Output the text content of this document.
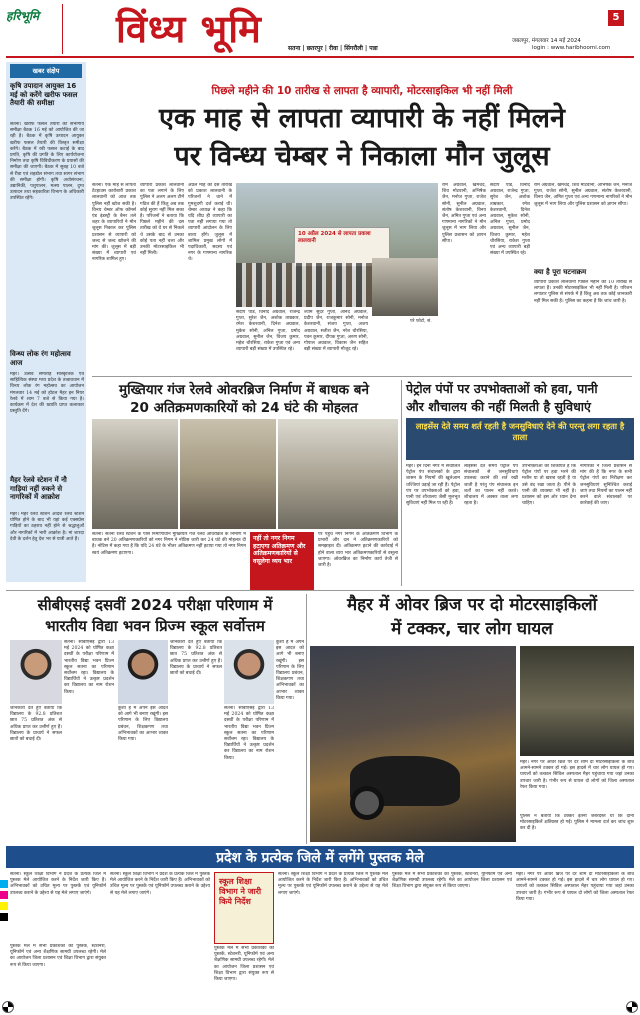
हरिभूमि विंध्य भूमि	5
जबलपुर, मंगलवार 14 मई 2024
login : www.haribhoomi.com
सतना | छतरपुर | रीवा | सिंगरौली | पन्ना
खबर संक्षेप
कृषि उपादान आयुक्त 16 मई को करेंगे खरीफ फसल तैयारी की समीक्षा
सतना। खरीफ फसल तैयारी की संभागीय समीक्षा बैठक 16 मई को आयोजित की जा रही है। बैठक में कृषि उत्पादन आयुक्त खरीफ फसल तैयारी की विस्तृत समीक्षा करेंगे। बैठक में रबी फसल कटाई के बाद प्रगति, कृषि की प्रगति के लिए कार्ययोजना निर्माण तथा कृषि विविधीकरण के प्रयासों की समीक्षा की जाएगी। बैठक में सुबह 10 बजे से रीवा एवं शहडोल संभाग तथा सागर संभाग की समीक्षा होगी। कृषि अधोसंरचना, उद्यानिकी, पशुपालन, मत्स्य पालन, दुग्ध उत्पादन तथा सहकारिता विभाग के अधिकारी उपस्थित रहेंगे।
विन्ध्य लोक रंग महोत्सव आज
मैहर। उत्सव समारोह सांस्कृतिक एवं साहित्यिक संस्था मध्य प्रदेश के तत्वावधान में विन्ध्य लोक रंग महोत्सव का आयोजन मंगलवार 14 मई को होटल मैहर इन नियर रेलवे में शाम 7 बजे से किया गया है। कार्यक्रम में देश की ख्याति प्राप्त कलाकार प्रस्तुति देंगे।
मैहर रेलवे स्टेशन में नौ गाड़ियां नहीं रुकने से नागरिकों में आक्रोश
मैहर। मैहर रेलवे स्टेशन आदर्श रेलवे स्टेशन घोषित होने के बाद भी यहां कई एक्सप्रेस गाड़ियों का ठहराव नहीं होने से श्रद्धालुओं और नागरिकों में भारी आक्रोश है। मां शारदा देवी के दर्शन हेतु देश भर से यात्री आते हैं।
पिछले महीने की 10 तारीख से लापता है व्यापारी, मोटरसाइकिल भी नहीं मिली
एक माह से लापता व्यापारी के नहीं मिलने
पर विन्ध्य चेम्बर ने निकाला मौन जुलूस
सतना। एक माह से लापता टेंटहाउस कारोबारी प्रकाश लालवानी को आज तक पुलिस नहीं खोज सकी है। विन्ध्य चेम्बर ऑफ कॉमर्स एंड इंडस्ट्री के बैनर तले शहर के व्यापारियों ने मौन जुलूस निकाल कर पुलिस प्रशासन से व्यापारी को जल्द से जल्द खोजने की मांग की। जुलूस में बड़ी संख्या में व्यापारी एवं नागरिक शामिल हुए।
व्यापारी प्रकाश लालवानी का पता लगाने के लिए पुलिस ने अलग अलग टीमें गठित की हैं किंतु अब तक कोई सुराग नहीं मिल सका है। परिजनों ने बताया कि पिछले महीने की दस तारीख को वे घर से निकले थे उसके बाद से उनका कोई पता नहीं चला और उनकी मोटरसाइकिल भी नहीं मिली।
अप्रैल माह की दस तारीख को प्रकाश लालवानी के परिजनों ने थाने में गुमशुदगी दर्ज कराई थी। चेम्बर अध्यक्ष ने कहा कि यदि शीघ्र ही व्यापारी का पता नहीं लगाया गया तो व्यापारी आंदोलन के लिए बाध्य होंगे। जुलूस में शामिल प्रमुख लोगों में पदाधिकारी, सदस्य एवं नगर के गणमान्य नागरिक थे।
10 अप्रैल 2024 से लापता प्रकाश लालवानी
संदीप पांडे, विनोद अग्रवाल, राजेन्द्र गुप्ता, सुरेश जैन, अशोक ताम्रकार, रमेश केशरवानी, दिनेश अग्रवाल, मुकेश सोनी, अनिल गुप्ता, प्रमोद अग्रवाल, सुनील जैन, विजय कुमार, महेश चौरसिया, राकेश गुप्ता एवं अन्य व्यापारी बड़ी संख्या में उपस्थित रहे।
श्याम सुंदर गुप्ता, आनंद अग्रवाल, प्रदीप जैन, राजकुमार सोनी, मनोज केशरवानी, संजय गुप्ता, अजय अग्रवाल, सतीश जैन, नरेश चौरसिया, पवन कुमार, दीपक गुप्ता, अरुण सोनी, गोपाल अग्रवाल, विकास जैन सहित बड़ी संख्या में व्यापारी मौजूद रहे।
परे फोटो, सं.
राम अग्रवाल, खेमचंद, शिव मोटवानी, अभिषेक जैन, मनोज गुप्ता, राजेश सोनी, सुनील अग्रवाल, संतोष केशरवानी, विनय जैन, अमित गुप्ता एवं अन्य गणमान्य नागरिकों ने मौन जुलूस में भाग लिया और पुलिस प्रशासन को ज्ञापन सौंपा।
संदीप पांडे, विनोद अग्रवाल, राजेन्द्र गुप्ता, सुरेश जैन, अशोक ताम्रकार, रमेश केशरवानी, दिनेश अग्रवाल, मुकेश सोनी, अनिल गुप्ता, प्रमोद अग्रवाल, सुनील जैन, विजय कुमार, महेश चौरसिया, राकेश गुप्ता एवं अन्य व्यापारी बड़ी संख्या में उपस्थित रहे।
राम अग्रवाल, खेमचंद, शिव मोटवानी, अभिषेक जैन, मनोज गुप्ता, राजेश सोनी, सुनील अग्रवाल, संतोष केशरवानी, विनय जैन, अमित गुप्ता एवं अन्य गणमान्य नागरिकों ने मौन जुलूस में भाग लिया और पुलिस प्रशासन को ज्ञापन सौंपा।
क्या है पूरा घटनाक्रम
व्यापारी प्रकाश लालवानी पिछले महीने की 10 तारीख से लापता हैं। उनकी मोटरसाइकिल भी नहीं मिली है। परिजन लगातार पुलिस से संपर्क में हैं किंतु अब तक कोई जानकारी नहीं मिल सकी है। पुलिस का कहना है कि जांच जारी है।
मुख्तियार गंज रेलवे ओवरब्रिज निर्माण में बाधक बने
20 अतिक्रमणकारियों को 24 घंटे की मोहलत
सतना। सतना रेलवे स्टेशन के पास निर्माणाधीन मुख्तियार गंज रेलवे ओवरब्रिज के निर्माण में बाधक बने 20 अतिक्रमणकारियों को नगर निगम ने नोटिस जारी कर 24 घंटे की मोहलत दी है। नोटिस में कहा गया है कि यदि 24 घंटे के भीतर अतिक्रमण नहीं हटाया गया तो नगर निगम स्वयं अतिक्रमण हटाएगा।
नहीं तो नगर निगम हटाएगा अतिक्रमण और अतिक्रमणकारियों से वसूलेगा व्यय भार
पर पहुंचे नगर निगम के अतिक्रमण विभाग के प्रभारी और दल ने अतिक्रमणकारियों को समझाइश दी। अतिक्रमण हटाने की कार्रवाई में होने वाला व्यय भार अतिक्रमणकारियों से वसूला जाएगा। ओवरब्रिज का निर्माण कार्य तेजी से जारी है।
पेट्रोल पंपों पर उपभोक्ताओं को हवा, पानी
और शौचालय की नहीं मिलती है सुविधाएं
लाइसेंस देते समय शर्त रहती है जनसुविधाएं देने की परन्तु लगा रहता है ताला
मैहर। इन दिनों नगर में संचालित पेट्रोल पंप संचालकों के द्वारा शासन के नियमों की खुलेआम धज्जियां उड़ाई जा रही हैं। पेट्रोल पंप पर उपभोक्ताओं को हवा, पानी एवं शौचालय जैसी मूलभूत सुविधाएं नहीं मिल पा रही हैं।
लाइसेंस देते समय पेट्रोल पंप संचालकों से जनसुविधाएं उपलब्ध कराने की शर्त रखी जाती है परंतु पंप संचालक इन शर्तों का पालन नहीं करते। शौचालय में अक्सर ताला लगा रहता है।
उपभोक्ताओं की शिकायत है कि पेट्रोल पंपों पर हवा भरने की मशीन या तो खराब रहती है या उसे बंद रखा जाता है। पीने के पानी की व्यवस्था भी नहीं है। प्रशासन को इस ओर ध्यान देना चाहिए।
नागरिकों ने जिला प्रशासन से मांग की है कि नगर के सभी पेट्रोल पंपों का निरीक्षण कर जनसुविधाएं सुनिश्चित कराई जाएं तथा नियमों का पालन नहीं करने वाले संचालकों पर कार्रवाई की जाए।
सीबीएसई दसवीं 2024 परीक्षा परिणाम में
भारतीय विद्या भवन प्रिज्म स्कूल सर्वोत्तम
सतना। सीबीएसई द्वारा 13 मई 2024 को घोषित कक्षा दसवीं के परीक्षा परिणाम में भारतीय विद्या भवन प्रिज्म स्कूल सतना का परिणाम सर्वोत्तम रहा। विद्यालय के विद्यार्थियों ने उत्कृष्ट प्रदर्शन कर विद्यालय का नाम रोशन किया।
जानकारी देते हुए बताया कि विद्यालय के 92.8 प्रतिशत छात्र 75 प्रतिशत अंक से अधिक प्राप्त कर उत्तीर्ण हुए हैं। विद्यालय के प्राचार्य ने सफल छात्रों को बधाई दी।
कुशी है मैं अपने इस आदत को आगे भी बनाए रखूंगी। इस परिणाम के लिए विद्यालय प्रबंधन, शिक्षकगण तथा अभिभावकों का आभार व्यक्त किया गया।
जानकारी देते हुए बताया कि विद्यालय के 92.8 प्रतिशत छात्र 75 प्रतिशत अंक से अधिक प्राप्त कर उत्तीर्ण हुए हैं। विद्यालय के प्राचार्य ने सफल छात्रों को बधाई दी।
कुशी है मैं अपने इस आदत को आगे भी बनाए रखूंगी। इस परिणाम के लिए विद्यालय प्रबंधन, शिक्षकगण तथा अभिभावकों का आभार व्यक्त किया गया।
सतना। सीबीएसई द्वारा 13 मई 2024 को घोषित कक्षा दसवीं के परीक्षा परिणाम में भारतीय विद्या भवन प्रिज्म स्कूल सतना का परिणाम सर्वोत्तम रहा। विद्यालय के विद्यार्थियों ने उत्कृष्ट प्रदर्शन कर विद्यालय का नाम रोशन किया।
मैहर में ओवर ब्रिज पर दो मोटरसाइकिलों
में टक्कर, चार लोग घायल
मैहर। नगर पर ओवर ब्रिज पर देर शाम दो मोटरसाइकिलों के बीच आमने-सामने टक्कर हो गई। इस हादसे में चार लोग घायल हो गए। घायलों को तत्काल सिविल अस्पताल मैहर पहुंचाया गया जहां उनका उपचार जारी है। गंभीर रूप से घायल दो लोगों को जिला अस्पताल रेफर किया गया।
पुलिस ने बताया कि टक्कर इतनी जबरदस्त थी कि दोनों मोटरसाइकिलें क्षतिग्रस्त हो गईं। पुलिस ने मामला दर्ज कर जांच शुरू कर दी है।
प्रदेश के प्रत्येक जिले में लगेंगे पुस्तक मेले
सतना। स्कूल शिक्षा विभाग ने प्रदेश के प्रत्येक जिले में पुस्तक मेले आयोजित करने के निर्देश जारी किए हैं। अभिभावकों को उचित मूल्य पर पुस्तकें एवं यूनिफॉर्म उपलब्ध कराने के उद्देश्य से यह मेले लगाए जाएंगे।
पुस्तक मेले में सभी प्रकाशकों की पुस्तकें, स्टेशनरी, यूनिफॉर्म एवं अन्य शैक्षणिक सामग्री उपलब्ध रहेगी। मेले का आयोजन जिला प्रशासन एवं शिक्षा विभाग द्वारा संयुक्त रूप से किया जाएगा।
सतना। स्कूल शिक्षा विभाग ने प्रदेश के प्रत्येक जिले में पुस्तक मेले आयोजित करने के निर्देश जारी किए हैं। अभिभावकों को उचित मूल्य पर पुस्तकें एवं यूनिफॉर्म उपलब्ध कराने के उद्देश्य से यह मेले लगाए जाएंगे।
स्कूल शिक्षा विभाग ने जारी किये निर्देश
पुस्तक मेले में सभी प्रकाशकों की पुस्तकें, स्टेशनरी, यूनिफॉर्म एवं अन्य शैक्षणिक सामग्री उपलब्ध रहेगी। मेले का आयोजन जिला प्रशासन एवं शिक्षा विभाग द्वारा संयुक्त रूप से किया जाएगा।
सतना। स्कूल शिक्षा विभाग ने प्रदेश के प्रत्येक जिले में पुस्तक मेले आयोजित करने के निर्देश जारी किए हैं। अभिभावकों को उचित मूल्य पर पुस्तकें एवं यूनिफॉर्म उपलब्ध कराने के उद्देश्य से यह मेले लगाए जाएंगे।
पुस्तक मेले में सभी प्रकाशकों की पुस्तकें, स्टेशनरी, यूनिफॉर्म एवं अन्य शैक्षणिक सामग्री उपलब्ध रहेगी। मेले का आयोजन जिला प्रशासन एवं शिक्षा विभाग द्वारा संयुक्त रूप से किया जाएगा।
मैहर। नगर पर ओवर ब्रिज पर देर शाम दो मोटरसाइकिलों के बीच आमने-सामने टक्कर हो गई। इस हादसे में चार लोग घायल हो गए। घायलों को तत्काल सिविल अस्पताल मैहर पहुंचाया गया जहां उनका उपचार जारी है। गंभीर रूप से घायल दो लोगों को जिला अस्पताल रेफर किया गया।
